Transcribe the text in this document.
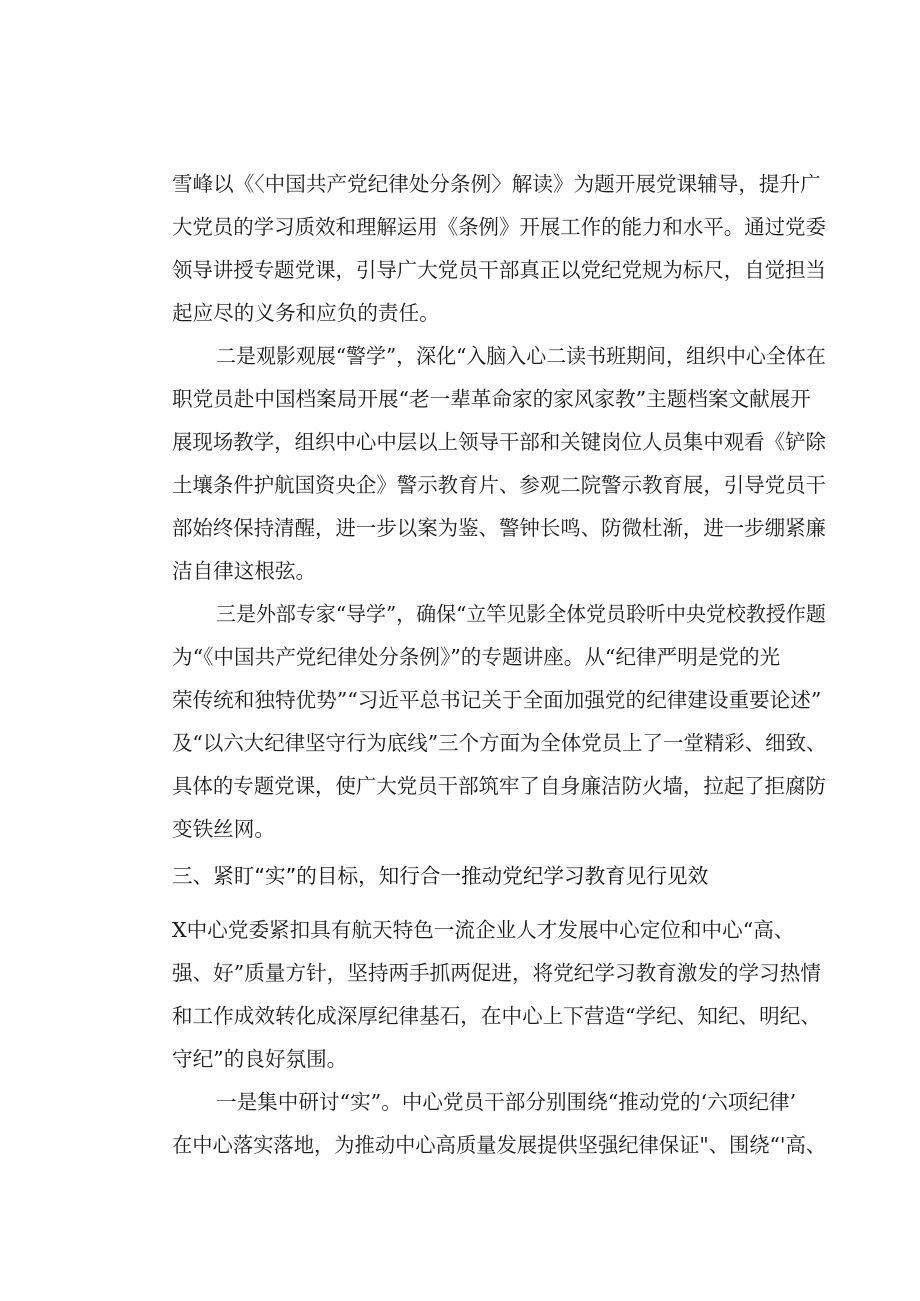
雪峰以《〈中国共产党纪律处分条例〉解读》为题开展党课辅导，提升广
大党员的学习质效和理解运用《条例》开展工作的能力和水平。通过党委
领导讲授专题党课，引导广大党员干部真正以党纪党规为标尺，自觉担当
起应尽的义务和应负的责任。
二是观影观展“警学”，深化“入脑入心二读书班期间，组织中心全体在
职党员赴中国档案局开展“老一辈革命家的家风家教”主题档案文献展开
展现场教学，组织中心中层以上领导干部和关键岗位人员集中观看《铲除
土壤条件护航国资央企》警示教育片、参观二院警示教育展，引导党员干
部始终保持清醒，进一步以案为鉴、警钟长鸣、防微杜渐，进一步绷紧廉
洁自律这根弦。
三是外部专家“导学”，确保“立竿见影全体党员聆听中央党校教授作题
为“《中国共产党纪律处分条例》”的专题讲座。从“纪律严明是党的光
荣传统和独特优势”“习近平总书记关于全面加强党的纪律建设重要论述”
及“以六大纪律坚守行为底线”三个方面为全体党员上了一堂精彩、细致、
具体的专题党课，使广大党员干部筑牢了自身廉洁防火墙，拉起了拒腐防
变铁丝网。
三、紧盯“实”的目标，知行合一推动党纪学习教育见行见效
X中心党委紧扣具有航天特色一流企业人才发展中心定位和中心“高、
强、好”质量方针，坚持两手抓两促进，将党纪学习教育激发的学习热情
和工作成效转化成深厚纪律基石，在中心上下营造“学纪、知纪、明纪、
守纪”的良好氛围。
一是集中研讨“实”。中心党员干部分别围绕“推动党的‘六项纪律’
在中心落实落地，为推动中心高质量发展提供坚强纪律保证"、围绕“'高、
